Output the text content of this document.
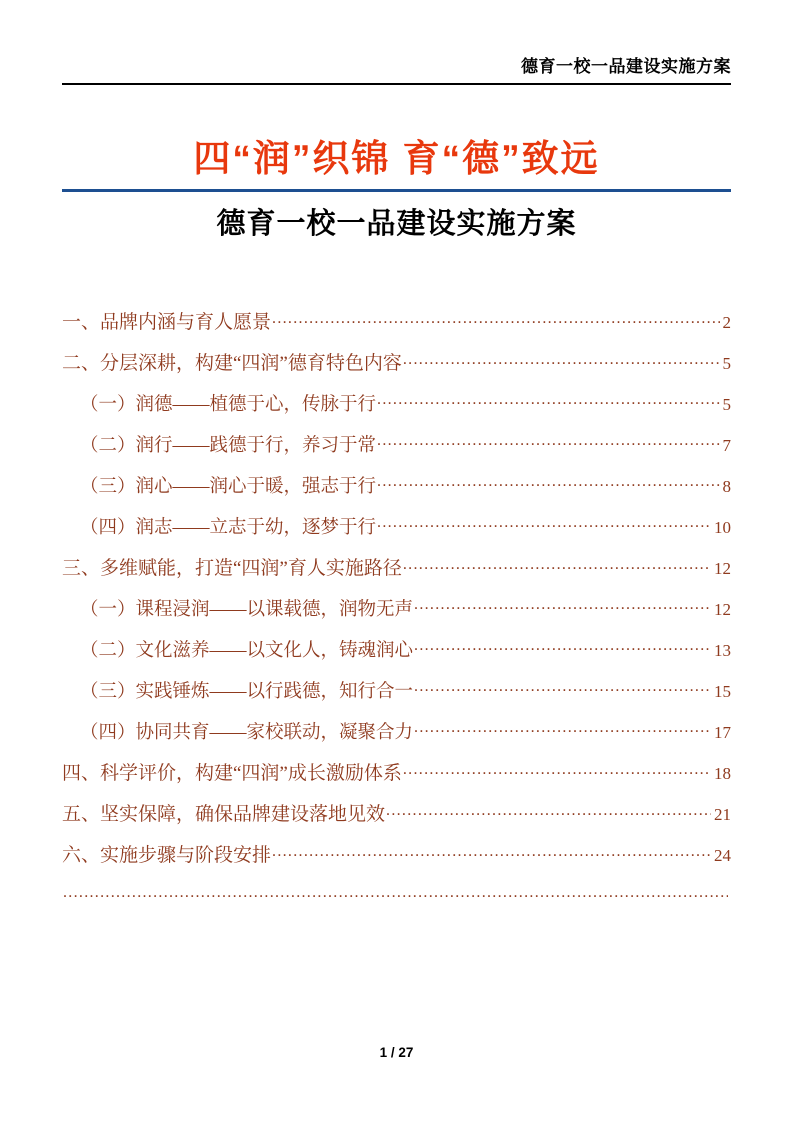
德育一校一品建设实施方案
四“润”织锦 育“德”致远
德育一校一品建设实施方案
一、品牌内涵与育人愿景 .....	2
二、分层深耕，构建“四润”德育特色内容 .....	5
（一）润德——植德于心，传脉于行 .....	5
（二）润行——践德于行，养习于常 .....	7
（三）润心——润心于暖，强志于行 .....	8
（四）润志——立志于幼，逐梦于行 .....	10
三、多维赋能，打造“四润”育人实施路径 .....	12
（一）课程浸润——以课载德，润物无声 .....	12
（二）文化滋养——以文化人，铸魂润心 .....	13
（三）实践锤炼——以行践德，知行合一 .....	15
（四）协同共育——家校联动，凝聚合力 .....	17
四、科学评价，构建“四润”成长激励体系 .....	18
五、坚实保障，确保品牌建设落地见效 .....	21
六、实施步骤与阶段安排 .....	24
.....
1 / 27
